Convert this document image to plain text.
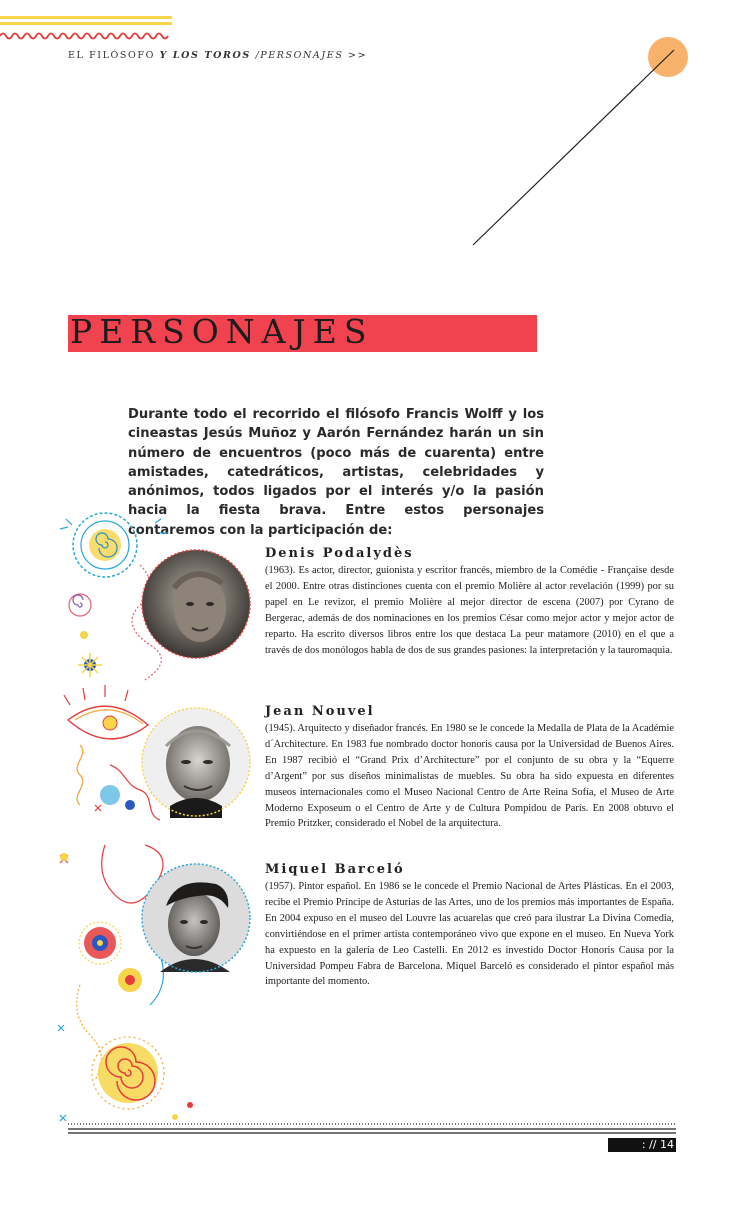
EL FILÓSOFO Y LOS TOROS /PERSONAJES >>
PERSONAJES
Durante todo el recorrido el filósofo Francis Wolff y los cineastas Jesús Muñoz y Aarón Fernández harán un sin número de encuentros (poco más de cuarenta) entre amistades, catedráticos, artistas, celebridades y anónimos, todos ligados por el interés y/o la pasión hacia la fiesta brava. Entre estos personajes contaremos con la participación de:
Denis Podalydès
(1963). Es actor, director, guionista y escritor francés, miembro de la Comédie - Française desde el 2000. Entre otras distinciones cuenta con el premio Molière al actor revelación (1999) por su papel en Le revizor, el premio Molière al mejor director de escena (2007) por Cyrano de Bergerac, además de dos nominaciones en los premios César como mejor actor y mejor actor de reparto. Ha escrito diversos libros entre los que destaca La peur matamore (2010) en el que a través de dos monólogos habla de dos de sus grandes pasiones: la interpretación y la tauromaquia.
Jean Nouvel
(1945). Arquitecto y diseñador francés. En 1980 se le concede la Medalla de Plata de la Académie d´Architecture. En 1983 fue nombrado doctor honoris causa por la Universidad de Buenos Aires. En 1987 recibió el “Grand Prix d’Architecture” por el conjunto de su obra y la “Equerre d’Argent” por sus diseños minimalistas de muebles. Su obra ha sido expuesta en diferentes museos internacionales como el Museo Nacional Centro de Arte Reina Sofía, el Museo de Arte Moderno Exposeum o el Centro de Arte y de Cultura Pompidou de París. En 2008 obtuvo el Premio Pritzker, considerado el Nobel de la arquitectura.
Miquel Barceló
(1957). Pintor español. En 1986 se le concede el Premio Nacional de Artes Plásticas. En el 2003, recibe el Premio Príncipe de Asturias de las Artes, uno de los premios más importantes de España. En 2004 expuso en el museo del Louvre las acuarelas que creó para ilustrar La Divina Comedia, convirtiéndose en el primer artista contemporáneo vivo que expone en el museo. En Nueva York ha expuesto en la galería de Leo Castelli. En 2012 es investido Doctor Honoris Causa por la Universidad Pompeu Fabra de Barcelona. Miquel Barceló es considerado el pintor español más importante del momento.
: // 14
